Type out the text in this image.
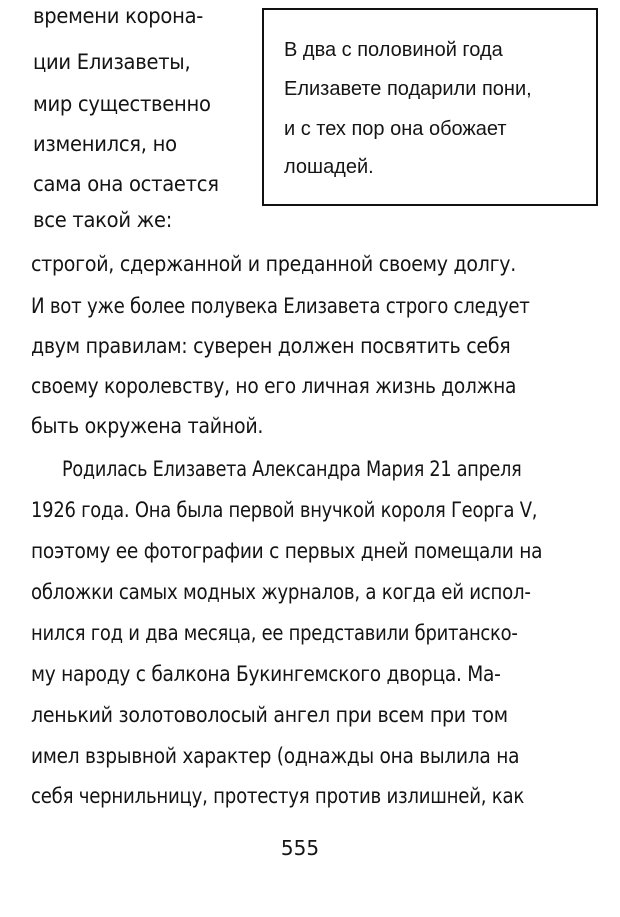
времени корона-
ции Елизаветы,
мир существенно
изменился, но
сама она остается
все такой же:
В два с половиной года
Елизавете подарили пони,
и с тех пор она обожает
лошадей.
строгой, сдержанной и преданной своему долгу.
И вот уже более полувека Елизавета строго следует
двум правилам: суверен должен посвятить себя
своему королевству, но его личная жизнь должна
быть окружена тайной.
Родилась Елизавета Александра Мария 21 апреля
1926 года. Она была первой внучкой короля Георга V,
поэтому ее фотографии с первых дней помещали на
обложки самых модных журналов, а когда ей испол-
нился год и два месяца, ее представили британско-
му народу с балкона Букингемского дворца. Ма-
ленький золотоволосый ангел при всем при том
имел взрывной характер (однажды она вылила на
себя чернильницу, протестуя против излишней, как
555
